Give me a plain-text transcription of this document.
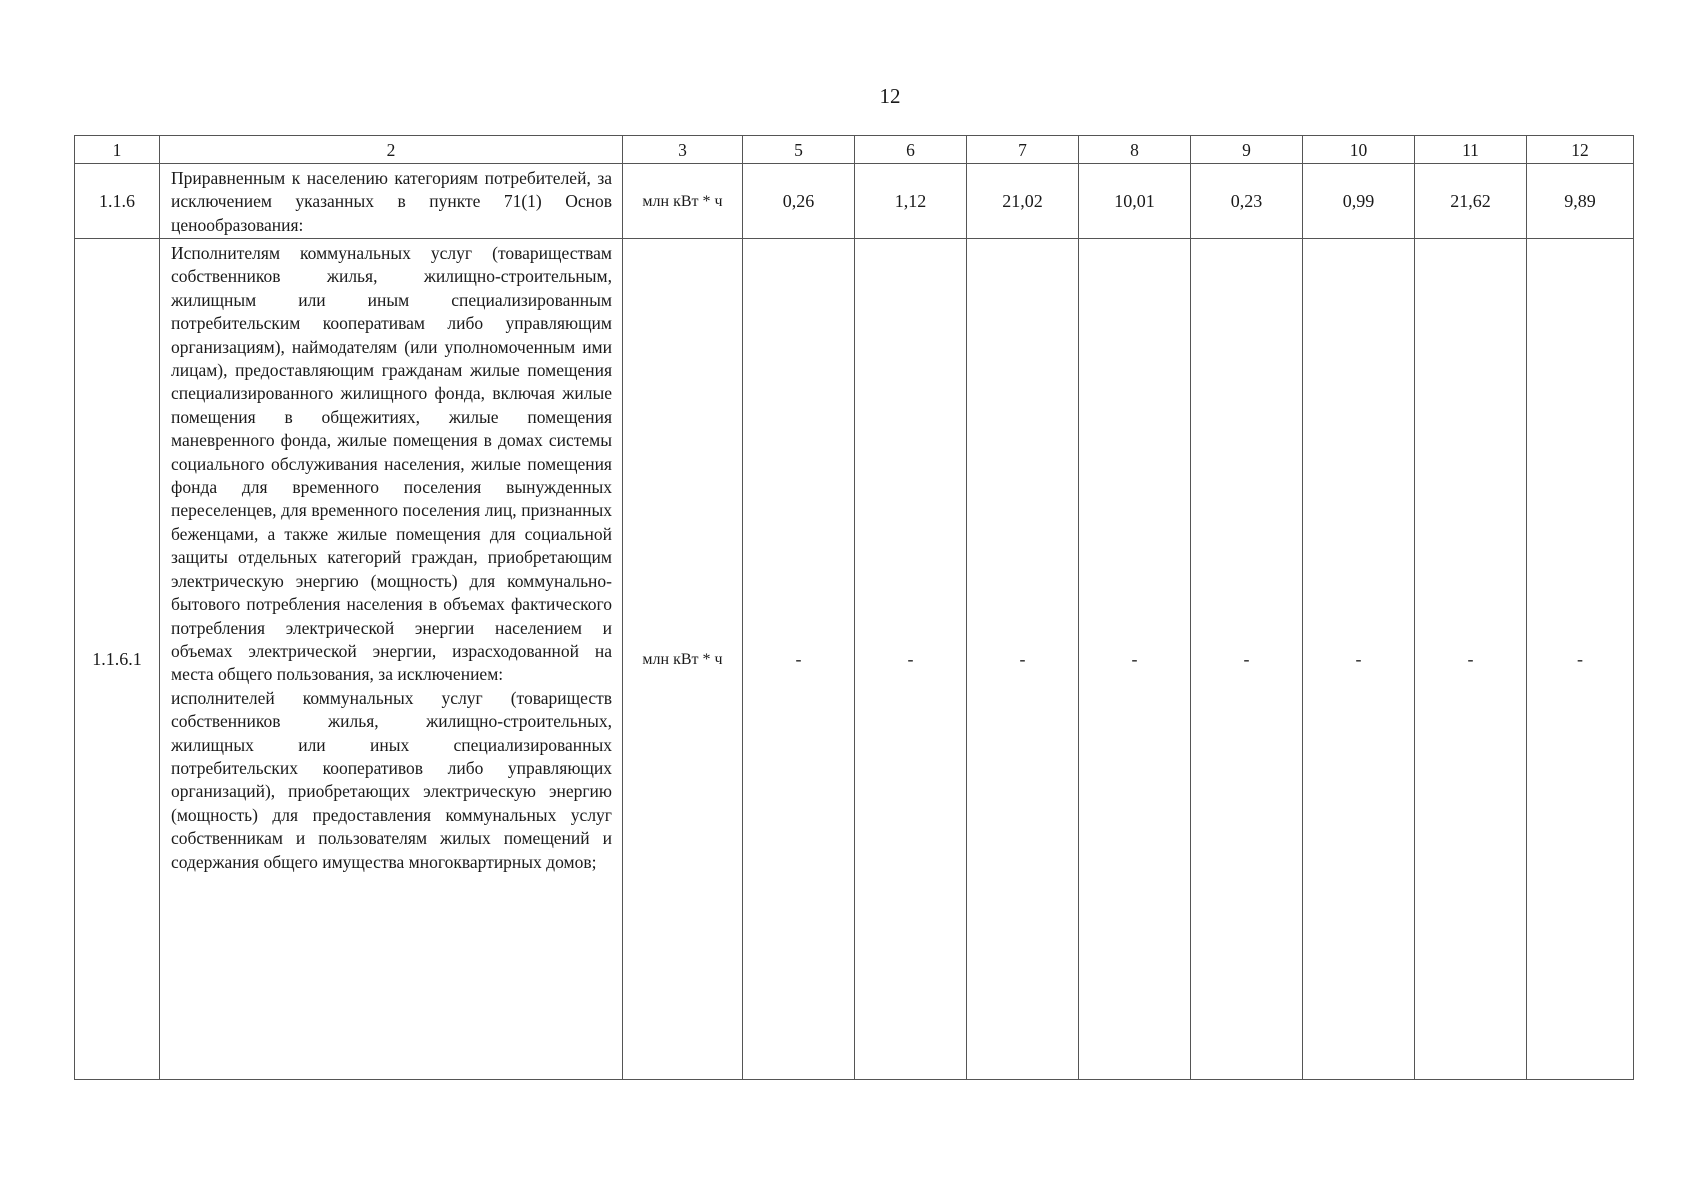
12
1	2	3	5	6	7	8	9	10	11	12
1.1.6	Приравненным к населению категориям потребителей, за исключением указанных в пункте 71(1) Основ ценообразования:	млн кВт * ч	0,26	1,12	21,02	10,01	0,23	0,99	21,62	9,89
1.1.6.1	Исполнителям коммунальных услуг (товариществам собственников жилья, жилищно-строительным, жилищным или иным специализированным потребительским кооперативам либо управляющим организациям), наймодателям (или уполномоченным ими лицам), предоставляющим гражданам жилые помещения специализированного жилищного фонда, включая жилые помещения в общежитиях, жилые помещения маневренного фонда, жилые помещения в домах системы социального обслуживания населения, жилые помещения фонда для временного поселения вынужденных переселенцев, для временного поселения лиц, признанных беженцами, а также жилые помещения для социальной защиты отдельных категорий граждан, приобретающим электрическую энергию (мощность) для коммунально-бытового потребления населения в объемах фактического потребления электрической энергии населением и объемах электрической энергии, израсходованной на места общего пользования, за исключением:

исполнителей коммунальных услуг (товариществ собственников жилья, жилищно-строительных, жилищных или иных специализированных потребительских кооперативов либо управляющих организаций), приобретающих электрическую энергию (мощность) для предоставления коммунальных услуг собственникам и пользователям жилых помещений и содержания общего имущества многоквартирных домов;	млн кВт * ч	-	-	-	-	-	-	-	-
